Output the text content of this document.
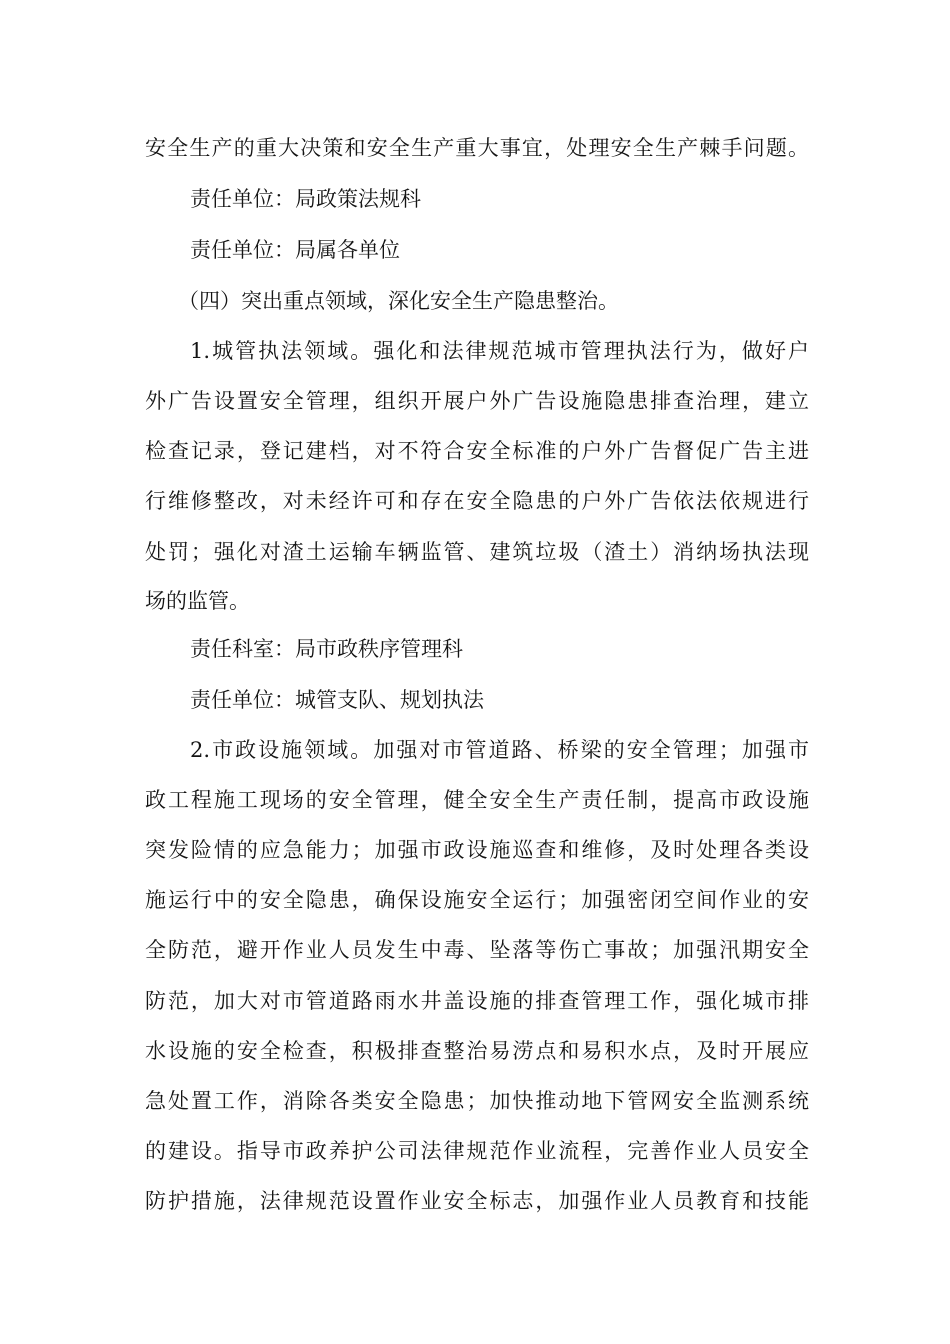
安全生产的重大决策和安全生产重大事宜，处理安全生产棘手问题。
责任单位：局政策法规科
责任单位：局属各单位
（四）突出重点领域，深化安全生产隐患整治。
1.城管执法领域。强化和法律规范城市管理执法行为，做好户
外广告设置安全管理，组织开展户外广告设施隐患排查治理，建立
检查记录，登记建档，对不符合安全标准的户外广告督促广告主进
行维修整改，对未经许可和存在安全隐患的户外广告依法依规进行
处罚；强化对渣土运输车辆监管、建筑垃圾（渣土）消纳场执法现
场的监管。
责任科室：局市政秩序管理科
责任单位：城管支队、规划执法
2.市政设施领域。加强对市管道路、桥梁的安全管理；加强市
政工程施工现场的安全管理，健全安全生产责任制，提高市政设施
突发险情的应急能力；加强市政设施巡查和维修，及时处理各类设
施运行中的安全隐患，确保设施安全运行；加强密闭空间作业的安
全防范，避开作业人员发生中毒、坠落等伤亡事故；加强汛期安全
防范，加大对市管道路雨水井盖设施的排查管理工作，强化城市排
水设施的安全检查，积极排查整治易涝点和易积水点，及时开展应
急处置工作，消除各类安全隐患；加快推动地下管网安全监测系统
的建设。指导市政养护公司法律规范作业流程，完善作业人员安全
防护措施，法律规范设置作业安全标志，加强作业人员教育和技能
